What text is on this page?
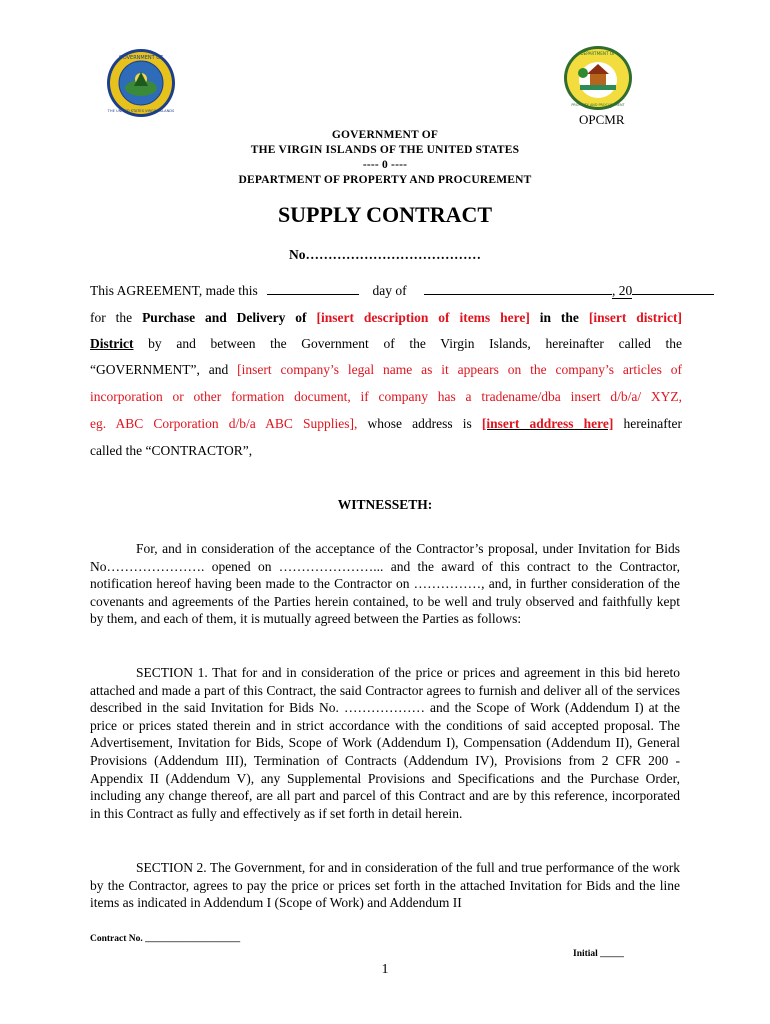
GOVERNMENT OF
THE UNITED STATES VIRGIN ISLANDS
DEPARTMENT OF
PROPERTY AND PROCUREMENT
OPCMR
GOVERNMENT OF
THE VIRGIN ISLANDS OF THE UNITED STATES
---- 0 ----
DEPARTMENT OF PROPERTY AND PROCUREMENT
SUPPLY CONTRACT
No…………………………………
This AGREEMENT, made this	day of	, 20
for the Purchase and Delivery of [insert description of items here] in the [insert district]
District by and between the Government of the Virgin Islands, hereinafter called the
“GOVERNMENT”, and [insert company’s legal name as it appears on the company’s articles of
incorporation or other formation document, if company has a tradename/dba insert d/b/a/ XYZ,
eg. ABC Corporation d/b/a ABC Supplies], whose address is [insert address here] hereinafter
called the “CONTRACTOR”,
WITNESSETH:
For, and in consideration of the acceptance of the Contractor’s proposal, under Invitation for Bids No…………………. opened on …………………... and the award of this contract to the Contractor, notification hereof having been made to the Contractor on ……………, and, in further consideration of the covenants and agreements of the Parties herein contained, to be well and truly observed and faithfully kept by them, and each of them, it is mutually agreed between the Parties as follows:
SECTION 1. That for and in consideration of the price or prices and agreement in this bid hereto attached and made a part of this Contract, the said Contractor agrees to furnish and deliver all of the services described in the said Invitation for Bids No. ……………… and the Scope of Work (Addendum I) at the price or prices stated therein and in strict accordance with the conditions of said accepted proposal. The Advertisement, Invitation for Bids, Scope of Work (Addendum I), Compensation (Addendum II), General Provisions (Addendum III), Termination of Contracts (Addendum IV), Provisions from 2 CFR 200 - Appendix II (Addendum V), any Supplemental Provisions and Specifications and the Purchase Order, including any change thereof, are all part and parcel of this Contract and are by this reference, incorporated in this Contract as fully and effectively as if set forth in detail herein.
SECTION 2. The Government, for and in consideration of the full and true performance of the work by the Contractor, agrees to pay the price or prices set forth in the attached Invitation for Bids and the line items as indicated in Addendum I (Scope of Work) and Addendum II
Contract No. ____________________
Initial _____
1
